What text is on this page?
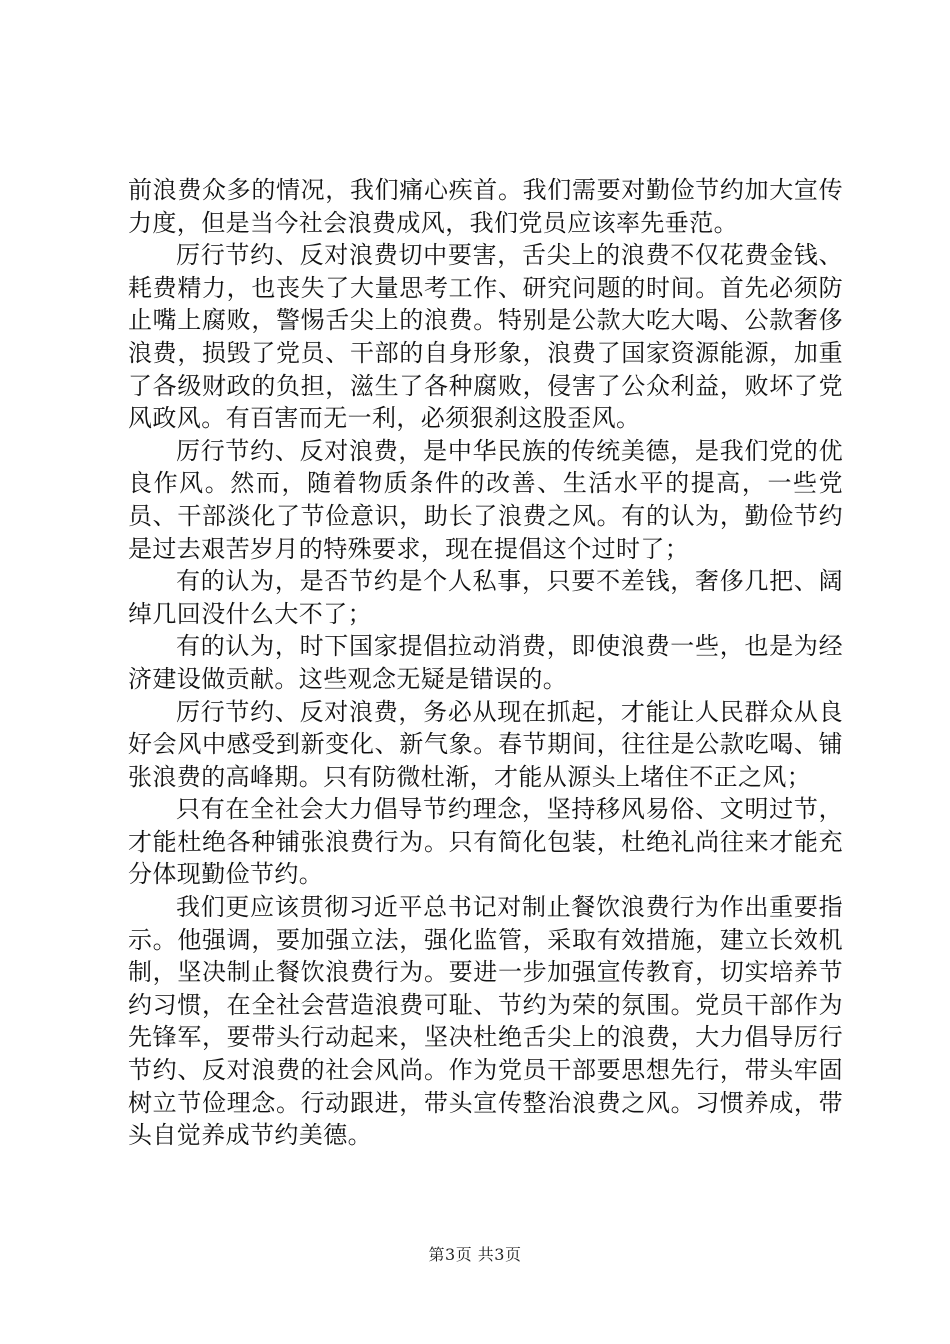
前浪费众多的情况，我们痛心疾首。我们需要对勤俭节约加大宣传力度，但是当今社会浪费成风，我们党员应该率先垂范。

厉行节约、反对浪费切中要害，舌尖上的浪费不仅花费金钱、耗费精力，也丧失了大量思考工作、研究问题的时间。首先必须防止嘴上腐败，警惕舌尖上的浪费。特别是公款大吃大喝、公款奢侈浪费，损毁了党员、干部的自身形象，浪费了国家资源能源，加重了各级财政的负担，滋生了各种腐败，侵害了公众利益，败坏了党风政风。有百害而无一利，必须狠刹这股歪风。

厉行节约、反对浪费，是中华民族的传统美德，是我们党的优良作风。然而，随着物质条件的改善、生活水平的提高，一些党员、干部淡化了节俭意识，助长了浪费之风。有的认为，勤俭节约是过去艰苦岁月的特殊要求，现在提倡这个过时了；

有的认为，是否节约是个人私事，只要不差钱，奢侈几把、阔绰几回没什么大不了；

有的认为，时下国家提倡拉动消费，即使浪费一些，也是为经济建设做贡献。这些观念无疑是错误的。

厉行节约、反对浪费，务必从现在抓起，才能让人民群众从良好会风中感受到新变化、新气象。春节期间，往往是公款吃喝、铺张浪费的高峰期。只有防微杜渐，才能从源头上堵住不正之风；

只有在全社会大力倡导节约理念，坚持移风易俗、文明过节，才能杜绝各种铺张浪费行为。只有简化包装，杜绝礼尚往来才能充分体现勤俭节约。

我们更应该贯彻习近平总书记对制止餐饮浪费行为作出重要指示。他强调，要加强立法，强化监管，采取有效措施，建立长效机制，坚决制止餐饮浪费行为。要进一步加强宣传教育，切实培养节约习惯，在全社会营造浪费可耻、节约为荣的氛围。党员干部作为先锋军，要带头行动起来，坚决杜绝舌尖上的浪费，大力倡导厉行节约、反对浪费的社会风尚。作为党员干部要思想先行，带头牢固树立节俭理念。行动跟进，带头宣传整治浪费之风。习惯养成，带头自觉养成节约美德。

第3页 共3页
